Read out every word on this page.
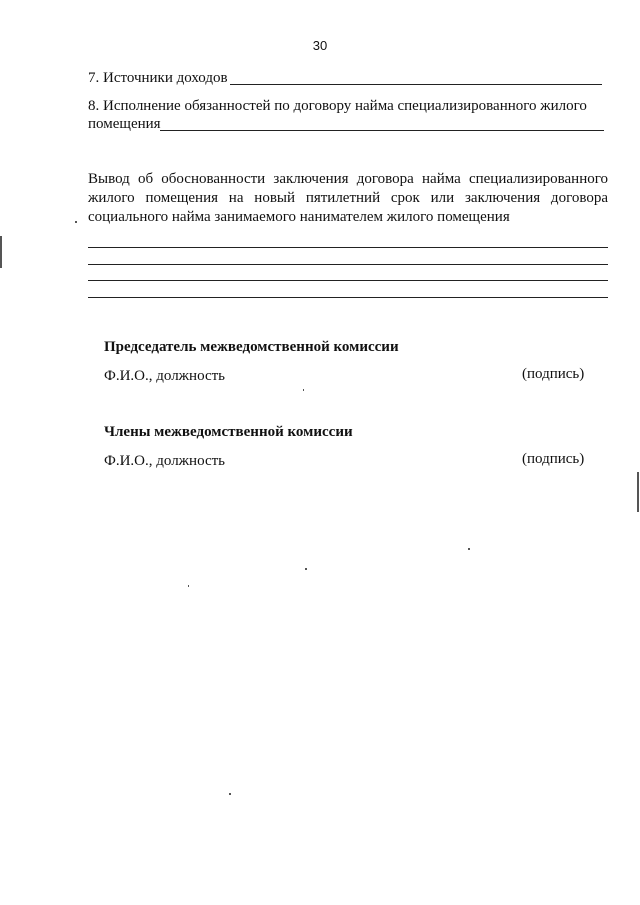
30
7. Источники доходов
8. Исполнение обязанностей по договору найма специализированного жилого
помещения
Вывод об обоснованности заключения договора найма специализированного жилого помещения на новый пятилетний срок или заключения договора социального найма занимаемого нанимателем жилого помещения
Председатель межведомственной комиссии
Ф.И.О., должность	(подпись)
Члены межведомственной комиссии
Ф.И.О., должность	(подпись)
